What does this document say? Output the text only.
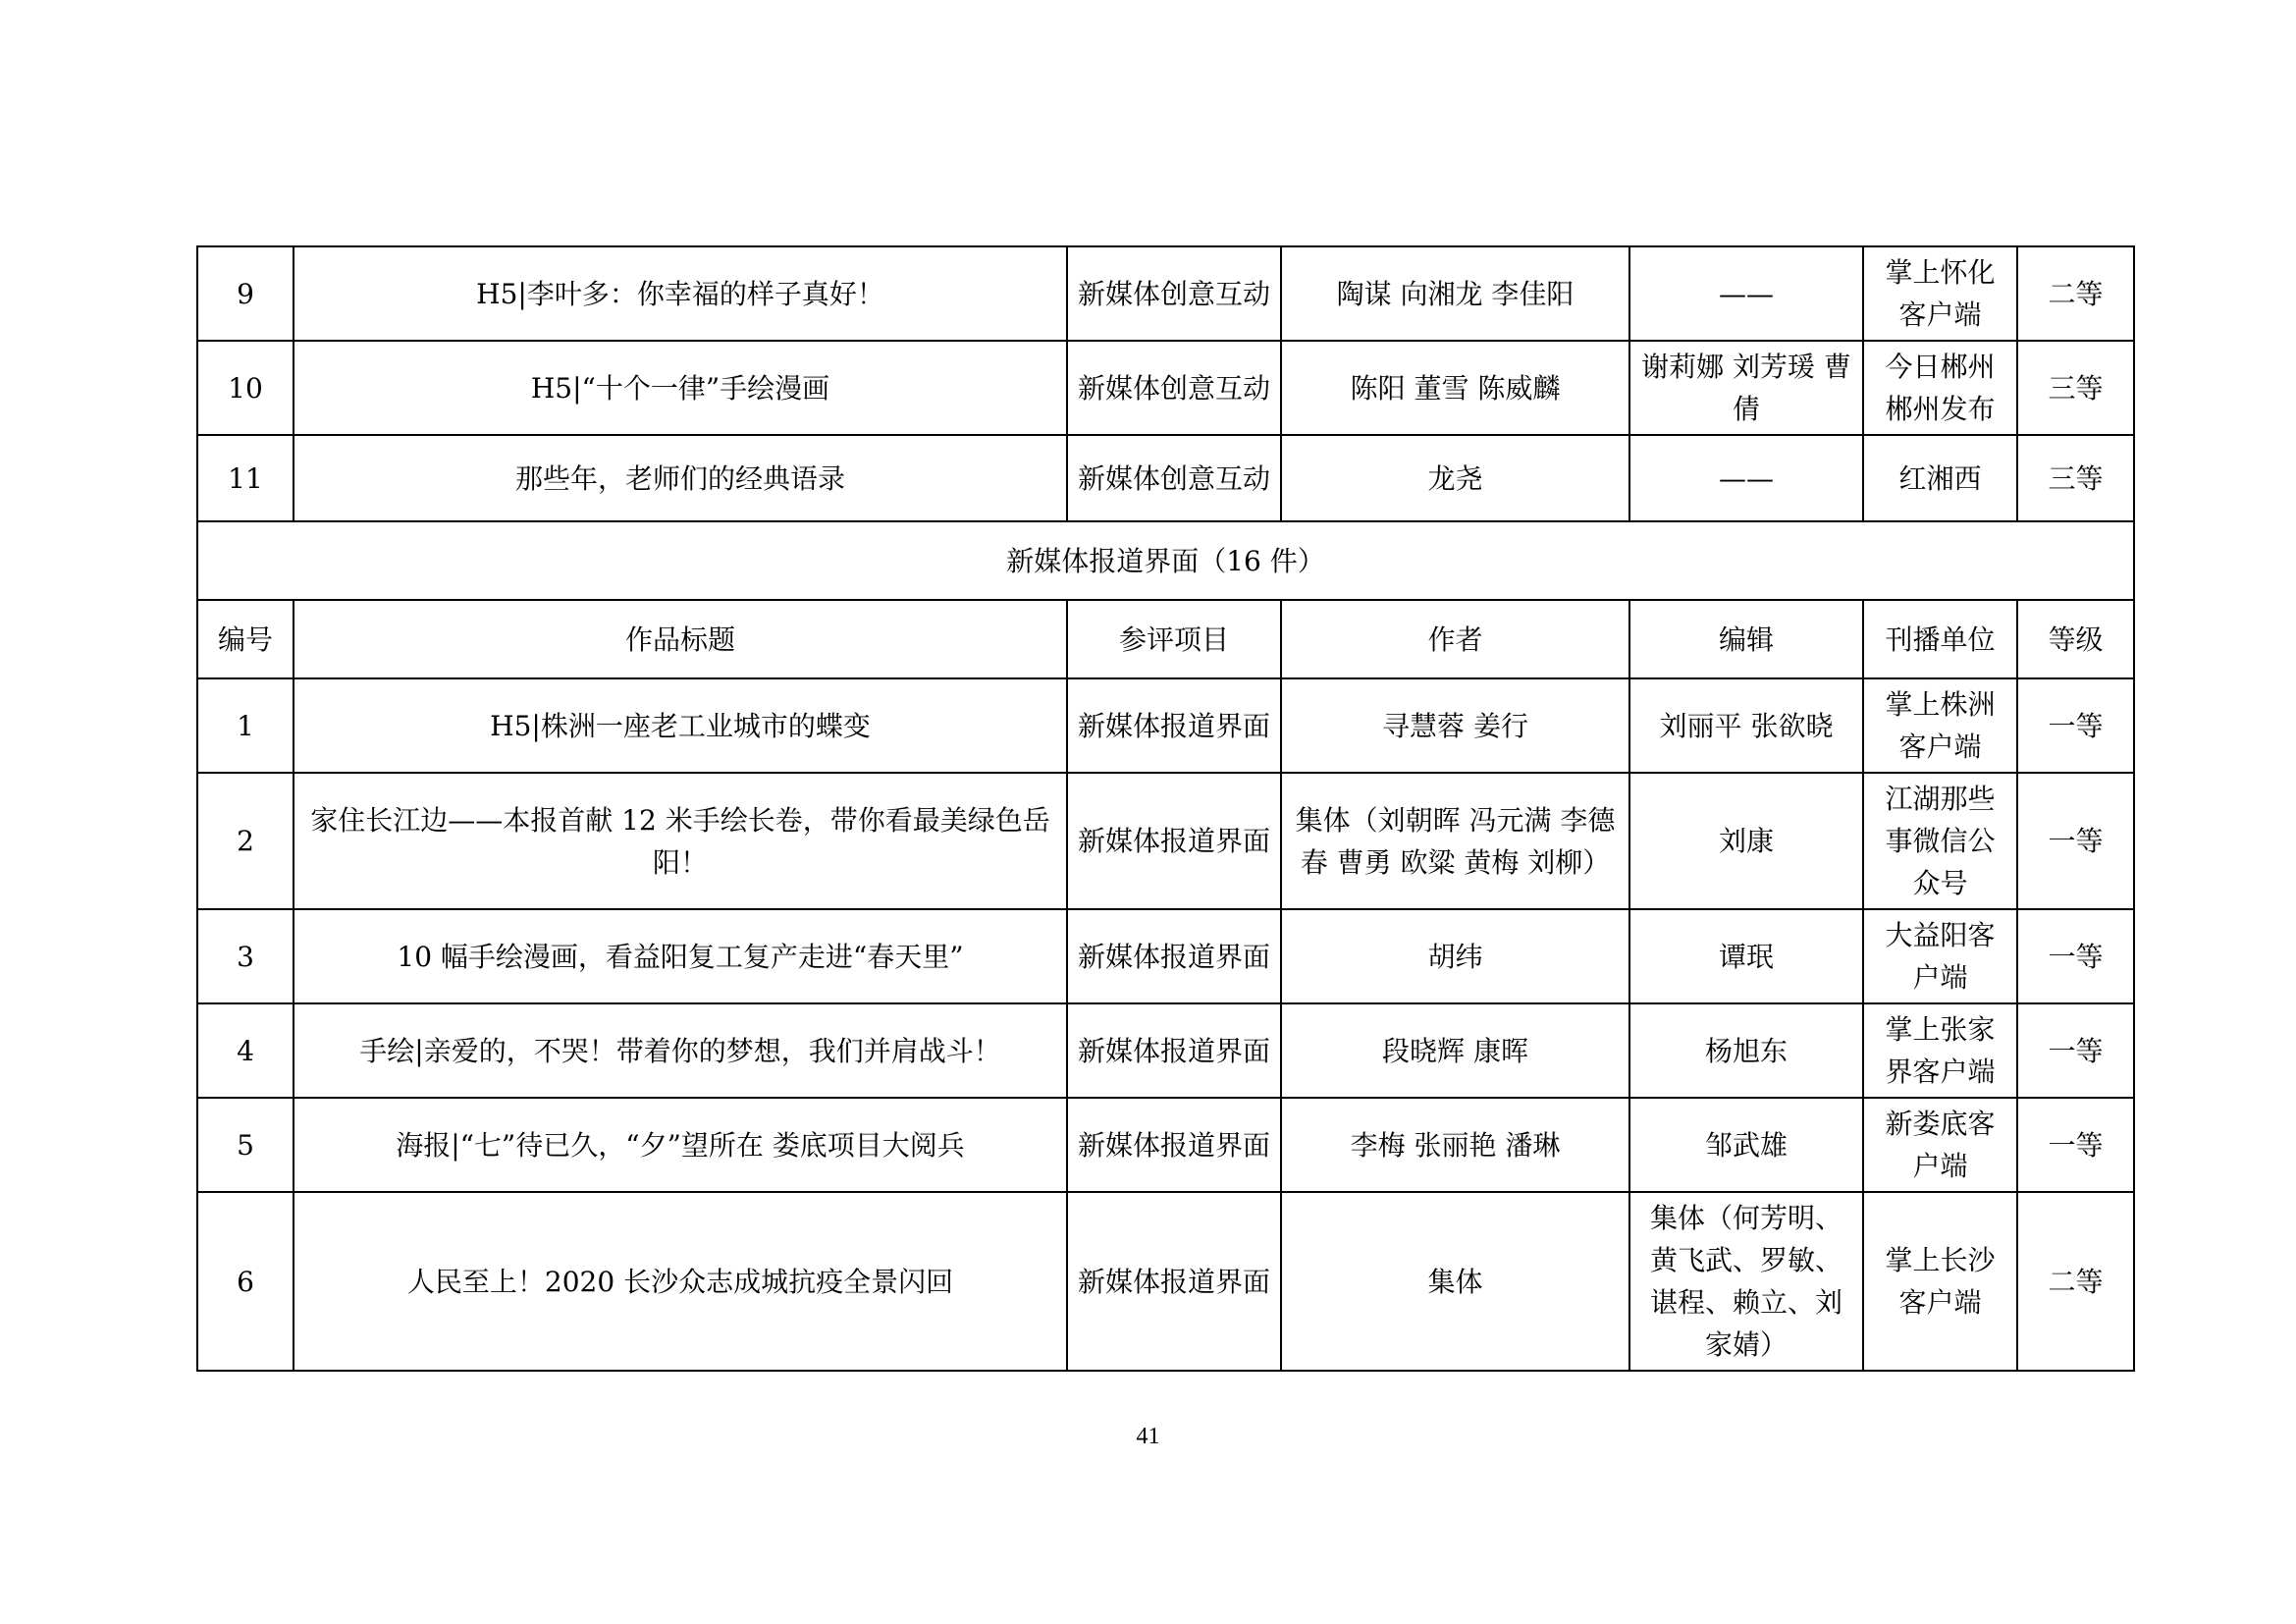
9	H5|李叶多：你幸福的样子真好！	新媒体创意互动	陶谋 向湘龙 李佳阳	——	掌上怀化客户端	二等
10	H5|“十个一律”手绘漫画	新媒体创意互动	陈阳 董雪 陈威麟	谢莉娜 刘芳瑗 曹倩	今日郴州 郴州发布	三等
11	那些年，老师们的经典语录	新媒体创意互动	龙尧	——	红湘西	三等
新媒体报道界面（16 件）						
编号	作品标题	参评项目	作者	编辑	刊播单位	等级
1	H5|株洲一座老工业城市的蝶变	新媒体报道界面	寻慧蓉 姜行	刘丽平 张欲晓	掌上株洲客户端	一等
2	家住长江边——本报首献 12 米手绘长卷，带你看最美绿色岳阳！	新媒体报道界面	集体（刘朝晖 冯元满 李德春 曹勇 欧粱 黄梅 刘柳）	刘康	江湖那些事微信公众号	一等
3	10 幅手绘漫画，看益阳复工复产走进“春天里”	新媒体报道界面	胡纬	谭珉	大益阳客户端	一等
4	手绘|亲爱的，不哭！带着你的梦想，我们并肩战斗！	新媒体报道界面	段晓辉 康晖	杨旭东	掌上张家界客户端	一等
5	海报|“七”待已久，“夕”望所在 娄底项目大阅兵	新媒体报道界面	李梅 张丽艳 潘琳	邹武雄	新娄底客户端	一等
6	人民至上！2020 长沙众志成城抗疫全景闪回	新媒体报道界面	集体	集体（何芳明、黄飞武、罗敏、谌程、赖立、刘家婧）	掌上长沙客户端	二等
41
